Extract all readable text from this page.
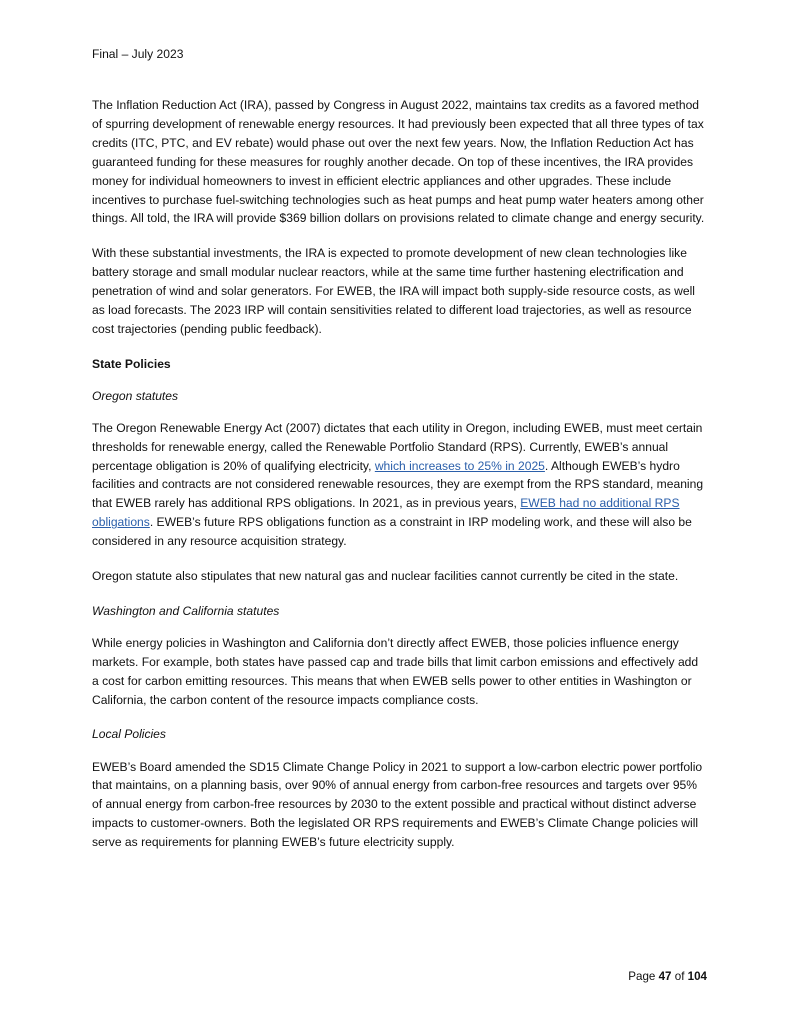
Final – July 2023

The Inflation Reduction Act (IRA), passed by Congress in August 2022, maintains tax credits as a favored method of spurring development of renewable energy resources. It had previously been expected that all three types of tax credits (ITC, PTC, and EV rebate) would phase out over the next few years. Now, the Inflation Reduction Act has guaranteed funding for these measures for roughly another decade. On top of these incentives, the IRA provides money for individual homeowners to invest in efficient electric appliances and other upgrades. These include incentives to purchase fuel-switching technologies such as heat pumps and heat pump water heaters among other things. All told, the IRA will provide $369 billion dollars on provisions related to climate change and energy security.

With these substantial investments, the IRA is expected to promote development of new clean technologies like battery storage and small modular nuclear reactors, while at the same time further hastening electrification and penetration of wind and solar generators. For EWEB, the IRA will impact both supply-side resource costs, as well as load forecasts. The 2023 IRP will contain sensitivities related to different load trajectories, as well as resource cost trajectories (pending public feedback).

State Policies
Oregon statutes

The Oregon Renewable Energy Act (2007) dictates that each utility in Oregon, including EWEB, must meet certain thresholds for renewable energy, called the Renewable Portfolio Standard (RPS). Currently, EWEB’s annual percentage obligation is 20% of qualifying electricity, which increases to 25% in 2025. Although EWEB’s hydro facilities and contracts are not considered renewable resources, they are exempt from the RPS standard, meaning that EWEB rarely has additional RPS obligations. In 2021, as in previous years, EWEB had no additional RPS obligations. EWEB’s future RPS obligations function as a constraint in IRP modeling work, and these will also be considered in any resource acquisition strategy.

Oregon statute also stipulates that new natural gas and nuclear facilities cannot currently be cited in the state.

Washington and California statutes

While energy policies in Washington and California don’t directly affect EWEB, those policies influence energy markets. For example, both states have passed cap and trade bills that limit carbon emissions and effectively add a cost for carbon emitting resources. This means that when EWEB sells power to other entities in Washington or California, the carbon content of the resource impacts compliance costs.

Local Policies

EWEB’s Board amended the SD15 Climate Change Policy in 2021 to support a low-carbon electric power portfolio that maintains, on a planning basis, over 90% of annual energy from carbon-free resources and targets over 95% of annual energy from carbon-free resources by 2030 to the extent possible and practical without distinct adverse impacts to customer-owners. Both the legislated OR RPS requirements and EWEB’s Climate Change policies will serve as requirements for planning EWEB’s future electricity supply.

Page 47 of 104
